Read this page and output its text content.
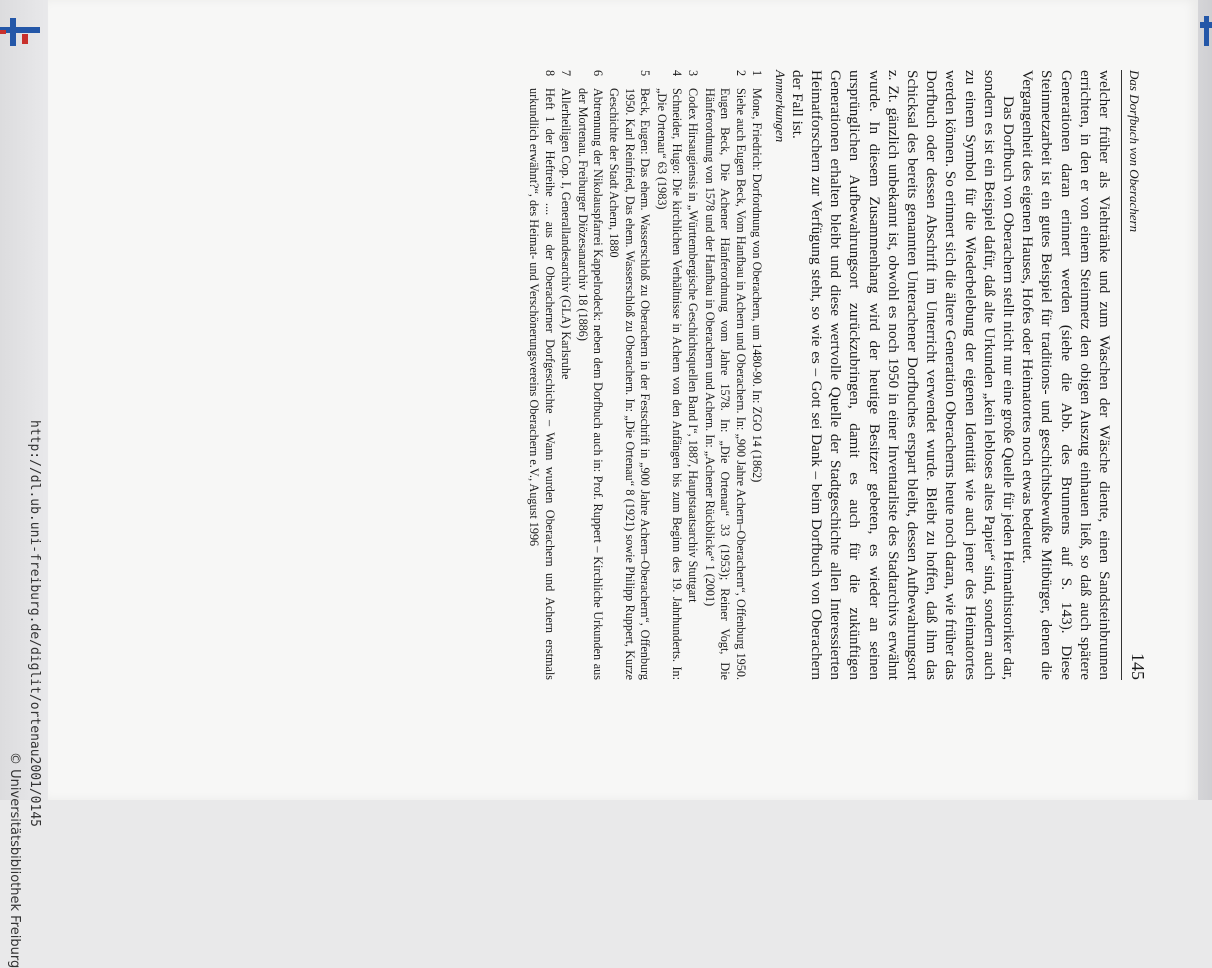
Das Dorfbuch von Oberachern
145

welcher früher als Viehtränke und zum Waschen der Wäsche diente, einen Sandsteinbrunnen errichten, in den er von einem Steinmetz den obigen Auszug einhauen ließ, so daß auch spätere Generationen daran erinnert werden (siehe die Abb. des Brunnens auf S. 143). Diese Steinmetzarbeit ist ein gutes Beispiel für traditions- und geschichtsbewußte Mitbürger, denen die Vergangenheit des eigenen Hauses, Hofes oder Heimatortes noch etwas bedeutet.

Das Dorfbuch von Oberachern stellt nicht nur eine große Quelle für jeden Heimathistoriker dar, sondern es ist ein Beispiel dafür, daß alte Urkunden „kein lebloses altes Papier“ sind, sondern auch zu einem Symbol für die Wiederbelebung der eigenen Identität wie auch jener des Heimatortes werden können. So erinnert sich die ältere Generation Oberacherns heute noch daran, wie früher das Dorfbuch oder dessen Abschrift im Unterricht verwendet wurde. Bleibt zu hoffen, daß ihm das Schicksal des bereits genannten Unterachener Dorfbuches erspart bleibt, dessen Aufbewahrungsort z. Zt. gänzlich unbekannt ist, obwohl es noch 1950 in einer Inventarliste des Stadtarchivs erwähnt wurde. In diesem Zusammenhang wird der heutige Besitzer gebeten, es wieder an seinen ursprünglichen Aufbewahrungsort zurückzubringen, damit es auch für die zukünftigen Generationen erhalten bleibt und diese wertvolle Quelle der Stadtgeschichte allen Interessierten Heimatforschern zur Verfügung steht, so wie es – Gott sei Dank – beim Dorfbuch von Oberachern der Fall ist.

Anmerkungen
1
Mone, Friedrich: Dorfordnung von Oberachern, um 1480-90. In: ZGO 14 (1862)
2
Siehe auch Eugen Beck, Vom Hanfbau in Achern und Oberachern. In: „900 Jahre Achern–Oberachern“, Offenburg 1950. Eugen Beck, Die Achener Hänferordnung vom Jahre 1578. In: „Die Ortenau“ 33 (1953); Reiner Vogt, Die Hänferordnung von 1578 und der Hanfbau in Oberachern und Achern. In: „Achener Rückblicke“ 1 (2001)
3
Codex Hirsaugiensis in „Württembergische Geschichtsquellen Band I“, 1887, Hauptstaatsarchiv Stuttgart
4
Schneider, Hugo: Die kirchlichen Verhältnisse in Achern von den Anfängen bis zum Beginn des 19. Jahrhunderts. In: „Die Ortenau“ 63 (1983)
5
Beck, Eugen: Das ehem. Wasserschloß zu Oberachern in der Festschrift in „900 Jahre Achern–Oberachern“, Offenburg 1950. Karl Reinfried, Das ehem. Wasserschloß zu Oberachern. In: „Die Ortenau“ 8 (1921) sowie Philipp Ruppert, Kurze Geschichte der Stadt Achern, 1880
6
Abtrennung der Nikolauspfarrei Kappelrodeck: neben dem Dorfbuch auch in: Prof. Ruppert – Kirchliche Urkunden aus der Mortenau. Freiburger Diözesanarchiv 18 (1886)
7
Allerheiligen Cop. I, Generallandesarchiv (GLA) Karlsruhe
8
Heft 1 der Heftreihe .... aus der Oberacherner Dorfgeschichte – Wann wurden Oberachern und Achern erstmals urkundlich erwähnt?“, des Heimat- und Verschönerungsvereins Oberachern e.V., August 1996
http://dl.ub.uni-freiburg.de/diglit/ortenau2001/0145
© Universitätsbibliothek Freiburg
